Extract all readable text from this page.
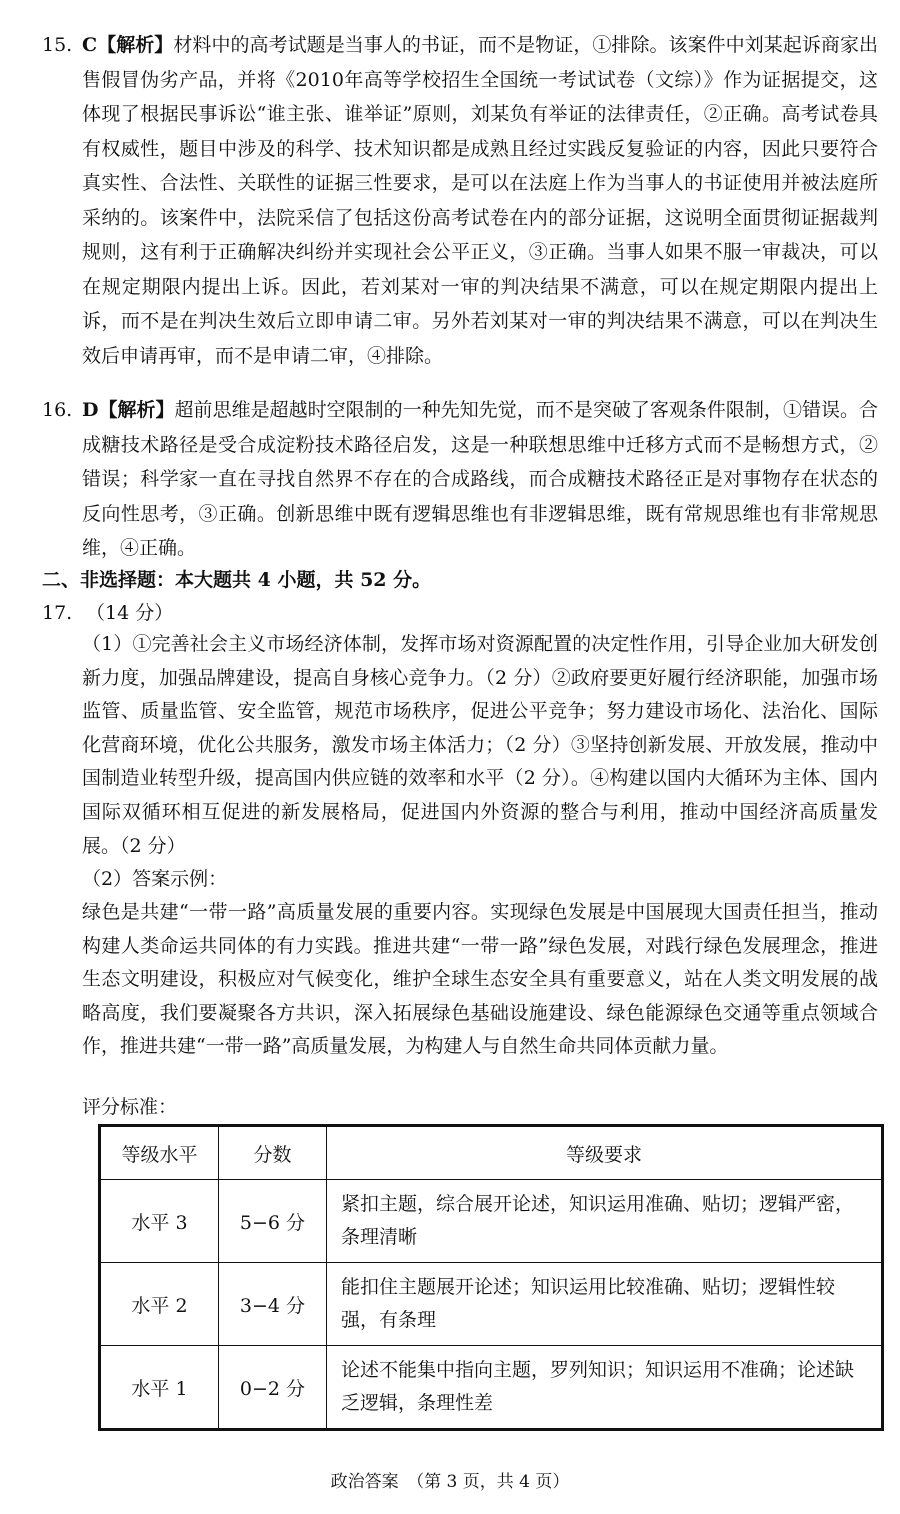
15. C【解析】材料中的高考试题是当事人的书证，而不是物证，①排除。该案件中刘某起诉商家出售假冒伪劣产品，并将《2010年高等学校招生全国统一考试试卷（文综）》作为证据提交，这体现了根据民事诉讼“谁主张、谁举证”原则，刘某负有举证的法律责任，②正确。高考试卷具有权威性，题目中涉及的科学、技术知识都是成熟且经过实践反复验证的内容，因此只要符合真实性、合法性、关联性的证据三性要求，是可以在法庭上作为当事人的书证使用并被法庭所采纳的。该案件中，法院采信了包括这份高考试卷在内的部分证据，这说明全面贯彻证据裁判规则，这有利于正确解决纠纷并实现社会公平正义，③正确。当事人如果不服一审裁决，可以在规定期限内提出上诉。因此，若刘某对一审的判决结果不满意，可以在规定期限内提出上诉，而不是在判决生效后立即申请二审。另外若刘某对一审的判决结果不满意，可以在判决生效后申请再审，而不是申请二审，④排除。
16. D【解析】超前思维是超越时空限制的一种先知先觉，而不是突破了客观条件限制，①错误。合成糖技术路径是受合成淀粉技术路径启发，这是一种联想思维中迁移方式而不是畅想方式，②错误；科学家一直在寻找自然界不存在的合成路线，而合成糖技术路径正是对事物存在状态的反向性思考，③正确。创新思维中既有逻辑思维也有非逻辑思维，既有常规思维也有非常规思维，④正确。
二、非选择题：本大题共 4 小题，共 52 分。
17. （14 分）
（1）①完善社会主义市场经济体制，发挥市场对资源配置的决定性作用，引导企业加大研发创新力度，加强品牌建设，提高自身核心竞争力。（2 分）②政府要更好履行经济职能，加强市场监管、质量监管、安全监管，规范市场秩序，促进公平竞争；努力建设市场化、法治化、国际化营商环境，优化公共服务，激发市场主体活力；（2 分）③坚持创新发展、开放发展，推动中国制造业转型升级，提高国内供应链的效率和水平（2 分）。④构建以国内大循环为主体、国内国际双循环相互促进的新发展格局，促进国内外资源的整合与利用，推动中国经济高质量发展。（2 分）
（2）答案示例：
绿色是共建“一带一路”高质量发展的重要内容。实现绿色发展是中国展现大国责任担当，推动构建人类命运共同体的有力实践。推进共建“一带一路”绿色发展，对践行绿色发展理念，推进生态文明建设，积极应对气候变化，维护全球生态安全具有重要意义，站在人类文明发展的战略高度，我们要凝聚各方共识，深入拓展绿色基础设施建设、绿色能源绿色交通等重点领域合作，推进共建“一带一路”高质量发展，为构建人与自然生命共同体贡献力量。
评分标准：
等级水平	分数	等级要求
水平 3	5−6 分	紧扣主题，综合展开论述，知识运用准确、贴切；逻辑严密，条理清晰
水平 2	3−4 分	能扣住主题展开论述；知识运用比较准确、贴切；逻辑性较强，有条理
水平 1	0−2 分	论述不能集中指向主题，罗列知识；知识运用不准确；论述缺乏逻辑，条理性差
政治答案　（第 3 页，共 4 页）
